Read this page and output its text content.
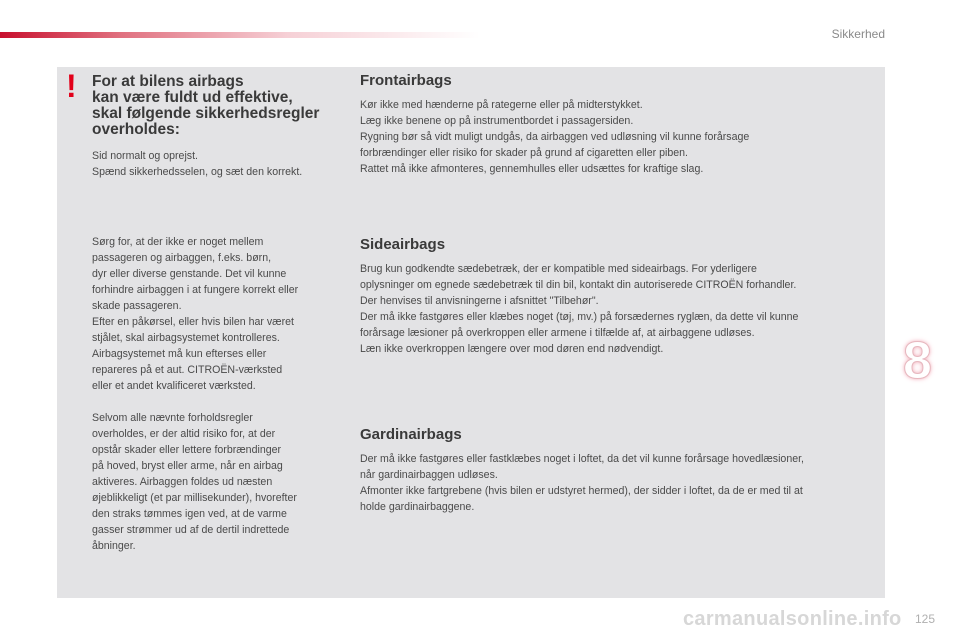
Sikkerhed
! For at bilens airbags
kan være fuldt ud effektive,
skal følgende sikkerhedsregler
overholdes:

Sid normalt og oprejst.
Spænd sikkerhedsselen, og sæt den korrekt.

Sørg for, at der ikke er noget mellem
passageren og airbaggen, f.eks. børn,
dyr eller diverse genstande. Det vil kunne
forhindre airbaggen i at fungere korrekt eller
skade passageren.
Efter en påkørsel, eller hvis bilen har været
stjålet, skal airbagsystemet kontrolleres.
Airbagsystemet må kun efterses eller
repareres på et aut. CITROËN-værksted
eller et andet kvalificeret værksted.

Selvom alle nævnte forholdsregler
overholdes, er der altid risiko for, at der
opstår skader eller lettere forbrændinger
på hoved, bryst eller arme, når en airbag
aktiveres. Airbaggen foldes ud næsten
øjeblikkeligt (et par millisekunder), hvorefter
den straks tømmes igen ved, at de varme
gasser strømmer ud af de dertil indrettede
åbninger.

Frontairbags

Kør ikke med hænderne på rategerne eller på midterstykket.
Læg ikke benene op på instrumentbordet i passagersiden.
Rygning bør så vidt muligt undgås, da airbaggen ved udløsning vil kunne forårsage
forbrændinger eller risiko for skader på grund af cigaretten eller piben.
Rattet må ikke afmonteres, gennemhulles eller udsættes for kraftige slag.

Sideairbags

Brug kun godkendte sædebetræk, der er kompatible med sideairbags. For yderligere
oplysninger om egnede sædebetræk til din bil, kontakt din autoriserede CITROËN forhandler.
Der henvises til anvisningerne i afsnittet "Tilbehør".
Der må ikke fastgøres eller klæbes noget (tøj, mv.) på forsædernes ryglæn, da dette vil kunne
forårsage læsioner på overkroppen eller armene i tilfælde af, at airbaggene udløses.
Læn ikke overkroppen længere over mod døren end nødvendigt.

Gardinairbags

Der må ikke fastgøres eller fastklæbes noget i loftet, da det vil kunne forårsage hovedlæsioner,
når gardinairbaggen udløses.
Afmonter ikke fartgrebene (hvis bilen er udstyret hermed), der sidder i loftet, da de er med til at
holde gardinairbaggene.

8
125
carmanualsonline.info
